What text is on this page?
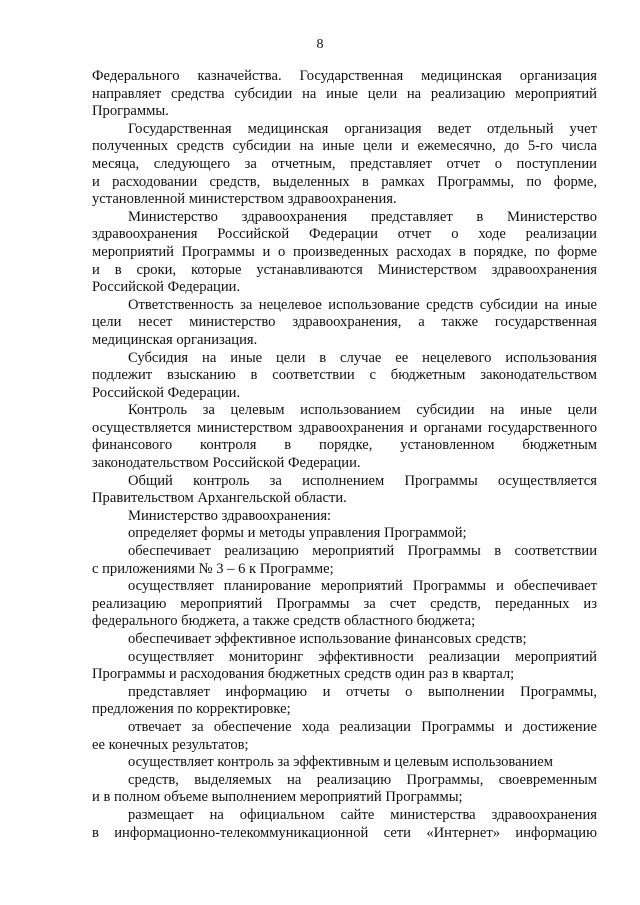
8
Федерального казначейства. Государственная медицинская организация
направляет средства субсидии на иные цели на реализацию мероприятий
Программы.
Государственная медицинская организация ведет отдельный учет
полученных средств субсидии на иные цели и ежемесячно, до 5-го числа
месяца, следующего за отчетным, представляет отчет о поступлении
и расходовании средств, выделенных в рамках Программы, по форме,
установленной министерством здравоохранения.
Министерство здравоохранения представляет в Министерство
здравоохранения Российской Федерации отчет о ходе реализации
мероприятий Программы и о произведенных расходах в порядке, по форме
и в сроки, которые устанавливаются Министерством здравоохранения
Российской Федерации.
Ответственность за нецелевое использование средств субсидии на иные
цели несет министерство здравоохранения, а также государственная
медицинская организация.
Субсидия на иные цели в случае ее нецелевого использования
подлежит взысканию в соответствии с бюджетным законодательством
Российской Федерации.
Контроль за целевым использованием субсидии на иные цели
осуществляется министерством здравоохранения и органами государственного
финансового контроля в порядке, установленном бюджетным
законодательством Российской Федерации.
Общий контроль за исполнением Программы осуществляется
Правительством Архангельской области.
Министерство здравоохранения:
определяет формы и методы управления Программой;
обеспечивает реализацию мероприятий Программы в соответствии
с приложениями № 3 – 6 к Программе;
осуществляет планирование мероприятий Программы и обеспечивает
реализацию мероприятий Программы за счет средств, переданных из
федерального бюджета, а также средств областного бюджета;
обеспечивает эффективное использование финансовых средств;
осуществляет мониторинг эффективности реализации мероприятий
Программы и расходования бюджетных средств один раз в квартал;
представляет информацию и отчеты о выполнении Программы,
предложения по корректировке;
отвечает за обеспечение хода реализации Программы и достижение
ее конечных результатов;
осуществляет контроль за эффективным и целевым использованием
средств, выделяемых на реализацию Программы, своевременным
и в полном объеме выполнением мероприятий Программы;
размещает на официальном сайте министерства здравоохранения
в информационно-телекоммуникационной сети «Интернет» информацию
